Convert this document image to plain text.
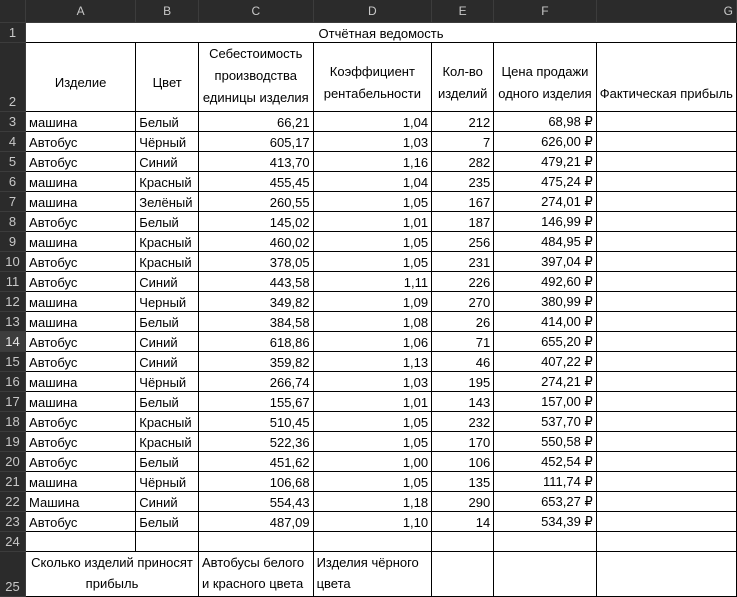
	A	B	C	D	E	F	G
1	Отчётная ведомость						
2	Изделие	Цвет	Себестоимость производства единицы изделия	Коэффициент рентабельности	Кол-во изделий	Цена продажи одного изделия	Фактическая прибыль
3	машина	Белый	66,21	1,04	212	68,98 ₽	
4	Автобус	Чёрный	605,17	1,03	7	626,00 ₽	
5	Автобус	Синий	413,70	1,16	282	479,21 ₽	
6	машина	Красный	455,45	1,04	235	475,24 ₽	
7	машина	Зелёный	260,55	1,05	167	274,01 ₽	
8	Автобус	Белый	145,02	1,01	187	146,99 ₽	
9	машина	Красный	460,02	1,05	256	484,95 ₽	
10	Автобус	Красный	378,05	1,05	231	397,04 ₽	
11	Автобус	Синий	443,58	1,11	226	492,60 ₽	
12	машина	Черный	349,82	1,09	270	380,99 ₽	
13	машина	Белый	384,58	1,08	26	414,00 ₽	
14	Автобус	Синий	618,86	1,06	71	655,20 ₽	
15	Автобус	Синий	359,82	1,13	46	407,22 ₽	
16	машина	Чёрный	266,74	1,03	195	274,21 ₽	
17	машина	Белый	155,67	1,01	143	157,00 ₽	
18	Автобус	Красный	510,45	1,05	232	537,70 ₽	
19	Автобус	Красный	522,36	1,05	170	550,58 ₽	
20	Автобус	Белый	451,62	1,00	106	452,54 ₽	
21	машина	Чёрный	106,68	1,05	135	111,74 ₽	
22	Машина	Синий	554,43	1,18	290	653,27 ₽	
23	Автобус	Белый	487,09	1,10	14	534,39 ₽	
24							
25	Сколько изделий приносят прибыль		Автобусы белого и красного цвета	Изделия чёрного цвета			
